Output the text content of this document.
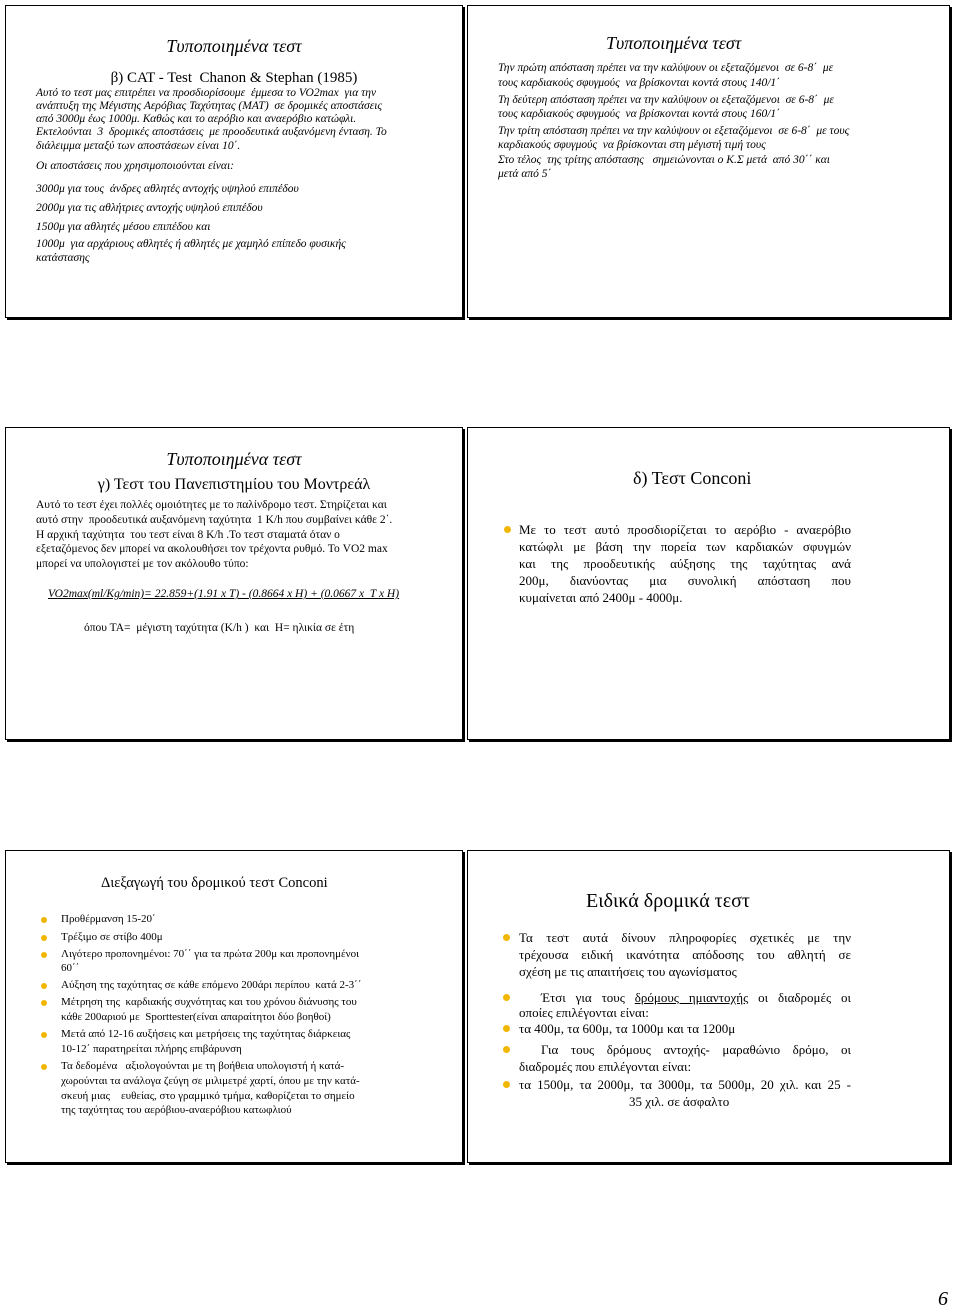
Τυποποιημένα τεστ
β) CAT - Test  Chanon & Stephan (1985)
Αυτό το τεστ μας επιτρέπει να προσδιορίσουμε  έμμεσα το VO2max  για την
ανάπτυξη της Μέγιστης Αερόβιας Ταχύτητας (ΜΑΤ)  σε δρομικές αποστάσεις
από 3000μ έως 1000μ. Καθώς και το αερόβιο και αναερόβιο κατώφλι.
Εκτελούνται  3  δρομικές αποστάσεις  με προοδευτικά αυξανόμενη ένταση. Το
διάλειμμα μεταξύ των αποστάσεων είναι 10΄.
Οι αποστάσεις που χρησιμοποιούνται είναι:
3000μ για τους  άνδρες αθλητές αντοχής υψηλού επιπέδου
2000μ για τις αθλήτριες αντοχής υψηλού επιπέδου
1500μ για αθλητές μέσου επιπέδου και
1000μ  για αρχάριους αθλητές ή αθλητές με χαμηλό επίπεδο φυσικής
κατάστασης
Τυποποιημένα τεστ
Την πρώτη απόσταση πρέπει να την καλύψουν οι εξεταζόμενοι  σε 6-8΄  με
τους καρδιακούς σφυγμούς  να βρίσκονται κοντά στους 140/1΄
Τη δεύτερη απόσταση πρέπει να την καλύψουν οι εξεταζόμενοι  σε 6-8΄  με
τους καρδιακούς σφυγμούς  να βρίσκονται κοντά στους 160/1΄
Την τρίτη απόσταση πρέπει να την καλύψουν οι εξεταζόμενοι  σε 6-8΄  με τους
καρδιακούς σφυγμούς  να βρίσκονται στη μέγιστή τιμή τους
Στο τέλος  της τρίτης απόστασης   σημειώνονται ο Κ.Σ μετά  από 30΄΄ και
μετά από 5΄
Τυποποιημένα τεστ
γ) Τεστ του Πανεπιστημίου του Μοντρεάλ
Αυτό το τεστ έχει πολλές ομοιότητες με το παλίνδρομο τεστ. Στηρίζεται και
αυτό στην  προοδευτικά αυξανόμενη ταχύτητα  1 K/h που συμβαίνει κάθε 2΄.
Η αρχική ταχύτητα  του τεστ είναι 8 Κ/h .Το τεστ σταματά όταν ο
εξεταζόμενος δεν μπορεί να ακολουθήσει τον τρέχοντα ρυθμό. Το VO2 max
μπορεί να υπολογιστεί με τον ακόλουθο τύπο:
VO2max(ml/Kg/min)= 22.859+(1.91 x T) - (0.8664 x H) + (0.0667 x  T x H)
όπου ΤΑ=  μέγιστη ταχύτητα (K/h )  και  Η= ηλικία σε έτη
δ) Τεστ Conconi
Με το τεστ αυτό προσδιορίζεται το αερόβιο - αναερόβιο
κατώφλι με βάση την πορεία των καρδιακών σφυγμών
και της προοδευτικής αύξησης της ταχύτητας ανά
200μ, διανύοντας μια συνολική απόσταση που
κυμαίνεται από 2400μ - 4000μ.
Διεξαγωγή του δρομικού τεστ Conconi
Προθέρμανση 15-20΄
Τρέξιμο σε στίβο 400μ
Λιγότερο προπονημένοι: 70΄΄ για τα πρώτα 200μ και προπονημένοι
60΄΄
Αύξηση της ταχύτητας σε κάθε επόμενο 200άρι περίπου  κατά 2-3΄΄
Μέτρηση της  καρδιακής συχνότητας και του χρόνου διάνυσης του
κάθε 200αριού με  Sporttester(είναι απαραίτητοι δύο βοηθοί)
Μετά από 12-16 αυξήσεις και μετρήσεις της ταχύτητας διάρκειας
10-12΄ παρατηρείται πλήρης επιβάρυνση
Τα δεδομένα   αξιολογούνται με τη βοήθεια υπολογιστή ή κατά-
χωρούνται τα ανάλογα ζεύγη σε μιλιμετρέ χαρτί, όπου με την κατά-
σκευή μιας    ευθείας, στο γραμμικό τμήμα, καθορίζεται το σημείο
της ταχύτητας του αερόβιου-αναερόβιου κατωφλιού
Ειδικά δρομικά τεστ
Τα τεστ αυτά δίνουν πληροφορίες σχετικές με την
τρέχουσα ειδική ικανότητα απόδοσης του αθλητή σε
σχέση με τις απαιτήσεις του αγωνίσματος
Έτσι για τους δρόμους ημιαντοχής οι διαδρομές οι
οποίες επιλέγονται είναι:
τα 400μ, τα 600μ, τα 1000μ και τα 1200μ
Για τους δρόμους αντοχής- μαραθώνιο δρόμο, οι
διαδρομές που επιλέγονται είναι:
τα 1500μ, τα 2000μ, τα 3000μ, τα 5000μ, 20 χιλ. και 25 -
35 χιλ. σε άσφαλτο
6
